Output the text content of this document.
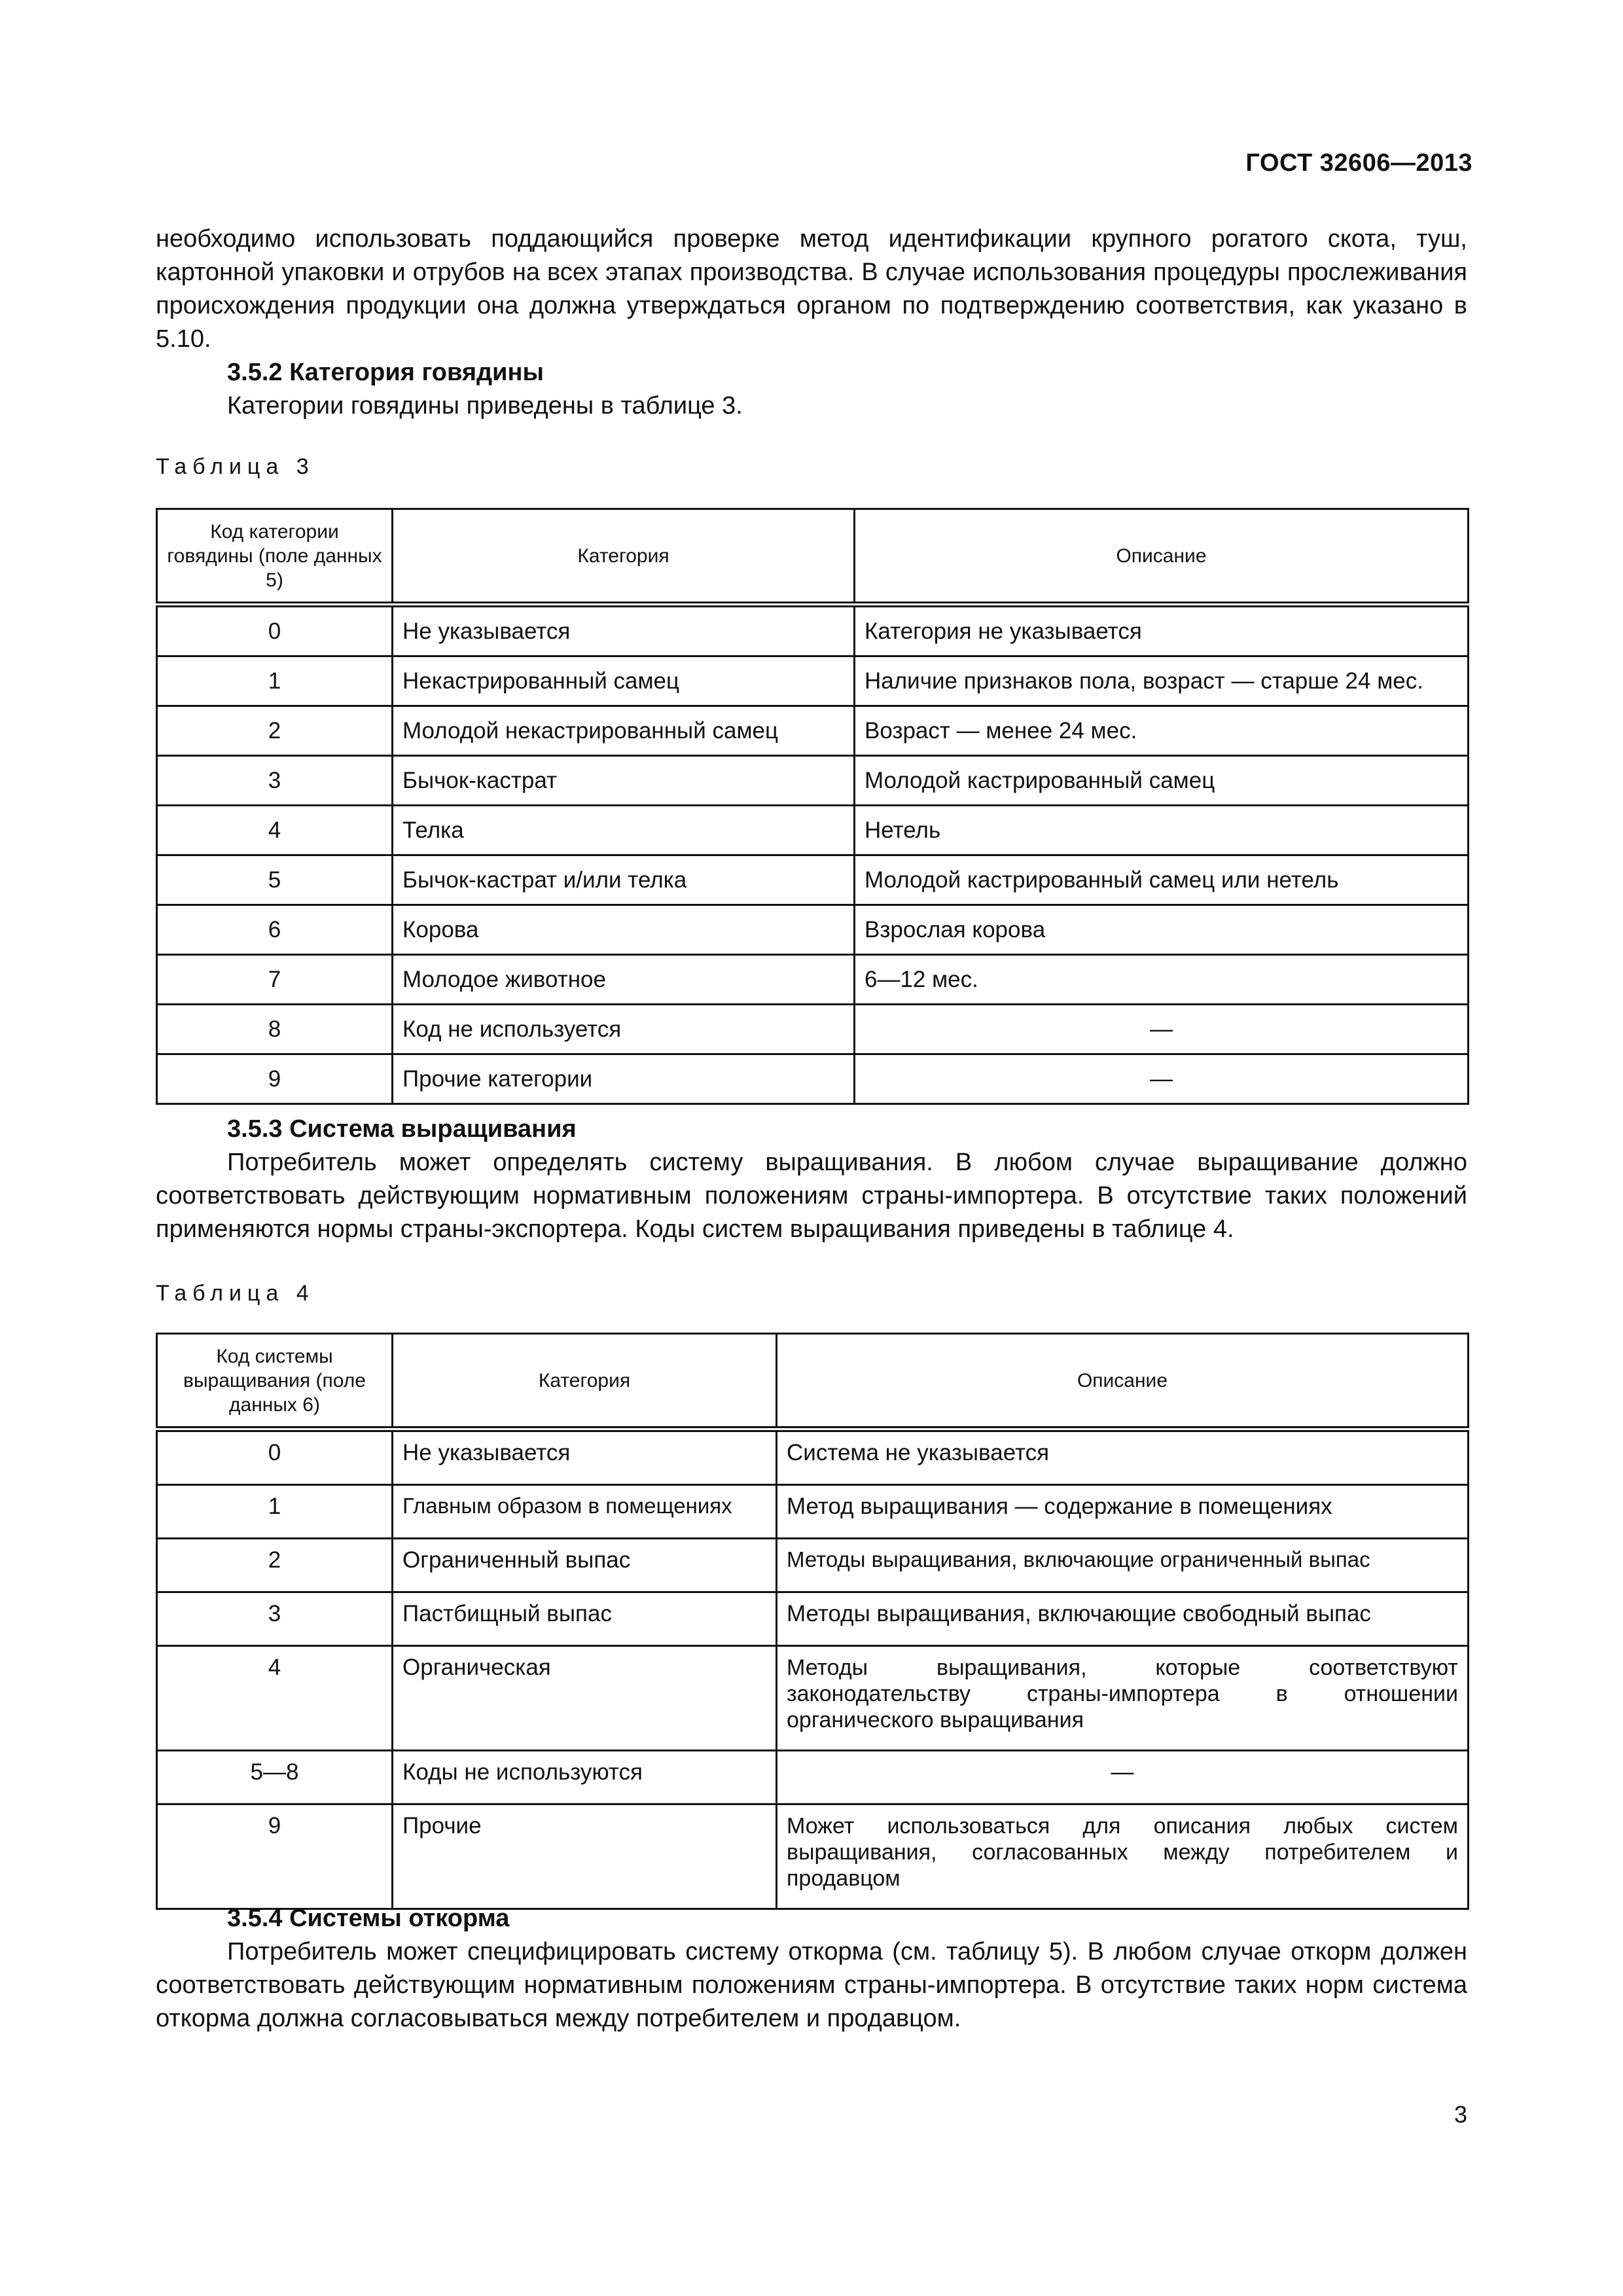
ГОСТ 32606—2013

необходимо использовать поддающийся проверке метод идентификации крупного рогатого скота, туш, картонной упаковки и отрубов на всех этапах производства. В случае использования процедуры прослеживания происхождения продукции она должна утверждаться органом по подтверждению соответствия, как указано в 5.10.

3.5.2 Категория говядины

Категории говядины приведены в таблице 3.

Таблица 3
Код категории говядины (поле данных 5)	Категория	Описание
0	Не указывается	Категория не указывается
1	Некастрированный самец	Наличие признаков пола, возраст — старше 24 мес.
2	Молодой некастрированный самец	Возраст — менее 24 мес.
3	Бычок-кастрат	Молодой кастрированный самец
4	Телка	Нетель
5	Бычок-кастрат и/или телка	Молодой кастрированный самец или нетель
6	Корова	Взрослая корова
7	Молодое животное	6—12 мес.
8	Код не используется	—
9	Прочие категории	—

3.5.3 Система выращивания

Потребитель может определять систему выращивания. В любом случае выращивание должно соответствовать действующим нормативным положениям страны-импортера. В отсутствие таких положений применяются нормы страны-экспортера. Коды систем выращивания приведены в таблице 4.

Таблица 4
Код системы выращивания (поле данных 6)	Категория	Описание
0	Не указывается	Система не указывается
1	Главным образом в помещениях	Метод выращивания — содержание в помещениях
2	Ограниченный выпас	Методы выращивания, включающие ограниченный выпас
3	Пастбищный выпас	Методы выращивания, включающие свободный выпас
4	Органическая	Методы выращивания, которые соответствуют законодательству страны-импортера в отношении органического выращивания
5—8	Коды не используются	—
9	Прочие	Может использоваться для описания любых систем выращивания, согласованных между потребителем и продавцом

3.5.4 Системы откорма

Потребитель может специфицировать систему откорма (см. таблицу 5). В любом случае откорм должен соответствовать действующим нормативным положениям страны-импортера. В отсутствие таких норм система откорма должна согласовываться между потребителем и продавцом.

3
